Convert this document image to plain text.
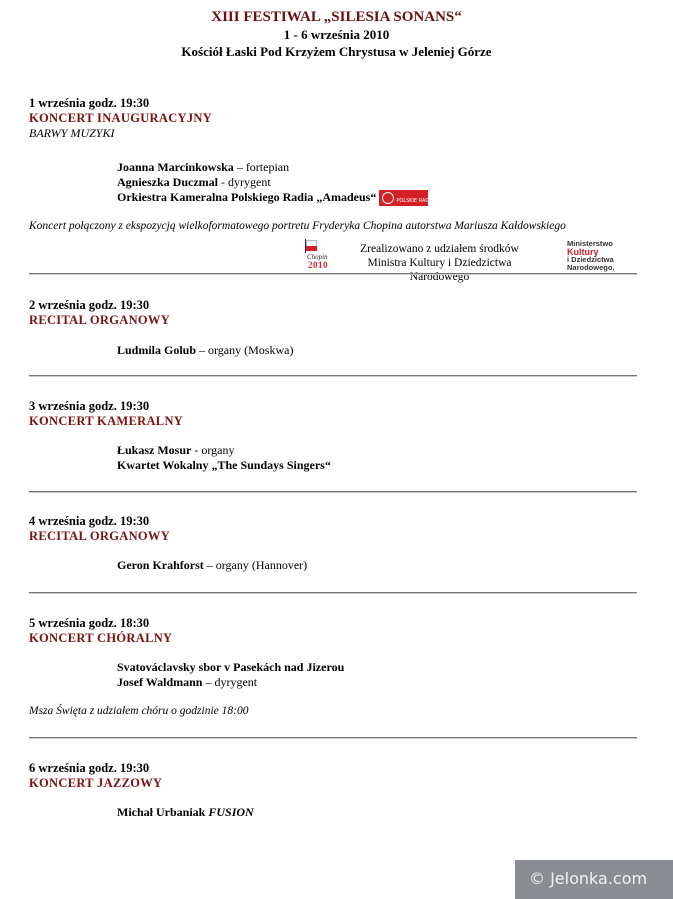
XIII FESTIWAL „SILESIA SONANS“
1 - 6 września 2010
Kościół Łaski Pod Krzyżem Chrystusa w Jeleniej Górze
1 września godz. 19:30
KONCERT INAUGURACYJNY
BARWY MUZYKI
Joanna Marcinkowska – fortepian
Agnieszka Duczmal - dyrygent
Orkiestra Kameralna Polskiego Radia „Amadeus“	POLSKIE RADIO
Koncert połączony z ekspozycją wielkoformatowego portretu Fryderyka Chopina autorstwa Mariusza Kałdowskiego
Chopin
2010
Zrealizowano z udziałem środków
Ministra Kultury i Dziedzictwa Narodowego
Ministerstwo
Kultury
i Dziedzictwa
Narodowego.
2 września godz. 19:30
RECITAL ORGANOWY
Ludmila Golub – organy (Moskwa)
3 września godz. 19:30
KONCERT KAMERALNY
Łukasz Mosur - organy
Kwartet Wokalny „The Sundays Singers“
4 września godz. 19:30
RECITAL ORGANOWY
Geron Krahforst – organy (Hannover)
5 września godz. 18:30
KONCERT CHÓRALNY
Svatováclavsky sbor v Pasekách nad Jizerou
Josef Waldmann – dyrygent
Msza Święta z udziałem chóru o godzinie 18:00
6 września godz. 19:30
KONCERT JAZZOWY
Michał Urbaniak FUSION
© Jelonka.com
